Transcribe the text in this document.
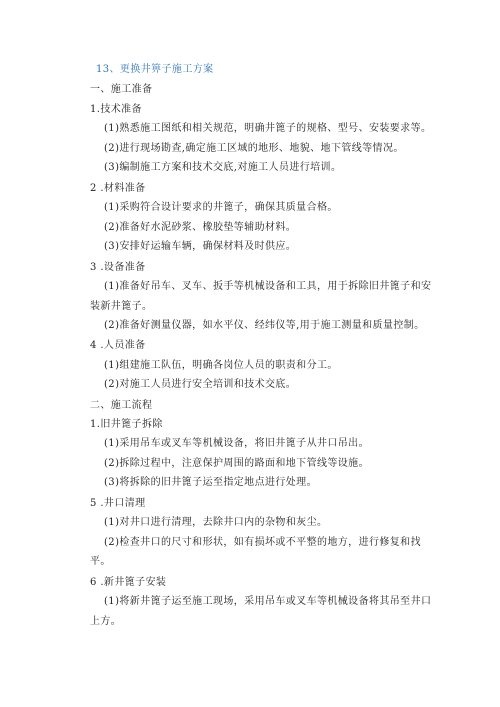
13、更换井箅子施工方案
一、施工准备
1.技术准备
(1)熟悉施工图纸和相关规范，明确井篦子的规格、型号、安装要求等。
(2)进行现场勘查,确定施工区域的地形、地貌、地下管线等情况。
(3)编制施工方案和技术交底,对施工人员进行培训。
2 .材料准备
(1)采购符合设计要求的井篦子，确保其质量合格。
(2)准备好水泥砂浆、橡胶垫等辅助材料。
(3)安排好运输车辆，确保材料及时供应。
3 .设备准备
(1)准备好吊车、叉车、扳手等机械设备和工具，用于拆除旧井篦子和安
装新井篦子。
(2)准备好测量仪器，如水平仪、经纬仪等,用于施工测量和质量控制。
4 .人员准备
(1)组建施工队伍，明确各岗位人员的职责和分工。
(2)对施工人员进行安全培训和技术交底。
二、施工流程
1.旧井篦子拆除
(1)采用吊车或叉车等机械设备，将旧井篦子从井口吊出。
(2)拆除过程中，注意保护周围的路面和地下管线等设施。
(3)将拆除的旧井篦子运至指定地点进行处理。
5 .井口清理
(1)对井口进行清理，去除井口内的杂物和灰尘。
(2)检查井口的尺寸和形状，如有损坏或不平整的地方，进行修复和找
平。
6 .新井篦子安装
(1)将新井篦子运至施工现场，采用吊车或叉车等机械设备将其吊至井口
上方。
